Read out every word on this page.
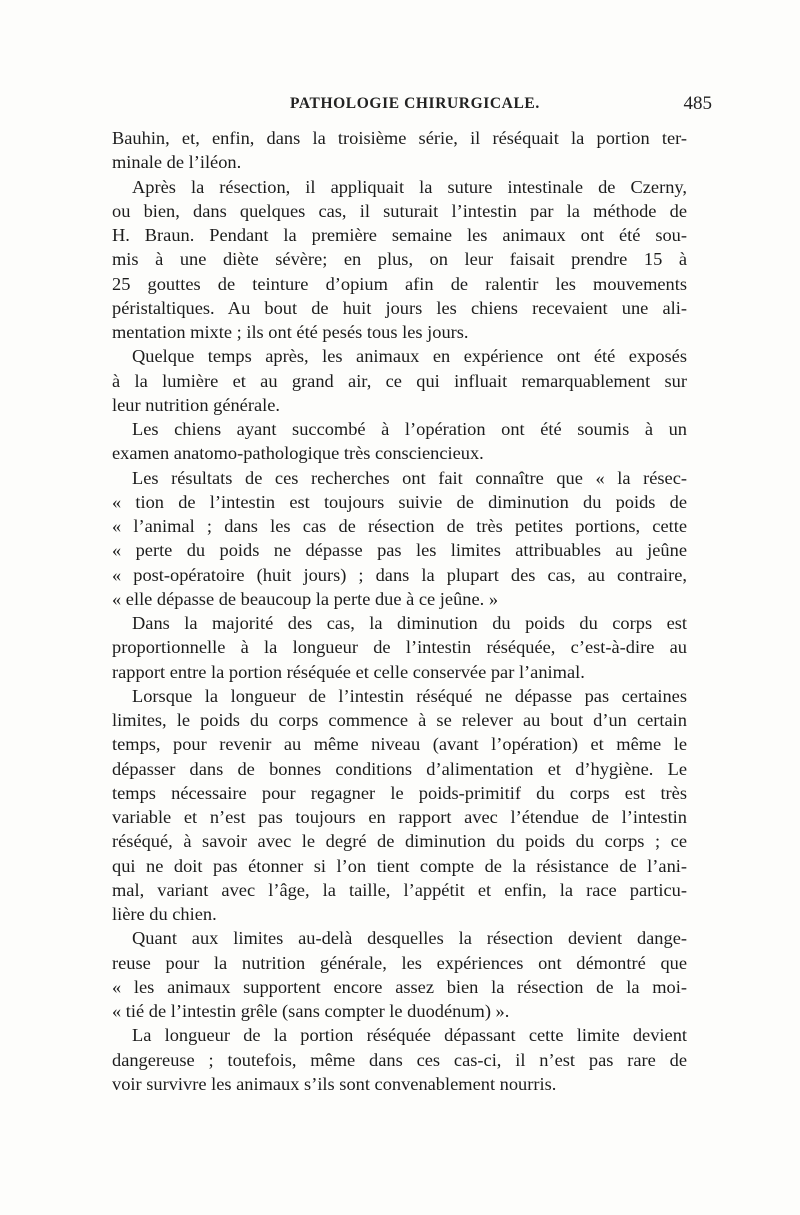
PATHOLOGIE CHIRURGICALE.	485

Bauhin, et, enfin, dans la troisième série, il réséquait la portion ter-
minale de l’iléon.

Après la résection, il appliquait la suture intestinale de Czerny,
ou bien, dans quelques cas, il suturait l’intestin par la méthode de
H. Braun. Pendant la première semaine les animaux ont été sou-
mis à une diète sévère; en plus, on leur faisait prendre 15 à
25 gouttes de teinture d’opium afin de ralentir les mouvements
péristaltiques. Au bout de huit jours les chiens recevaient une ali-
mentation mixte ; ils ont été pesés tous les jours.

Quelque temps après, les animaux en expérience ont été exposés
à la lumière et au grand air, ce qui influait remarquablement sur
leur nutrition générale.

Les chiens ayant succombé à l’opération ont été soumis à un
examen anatomo-pathologique très consciencieux.

Les résultats de ces recherches ont fait connaître que « la résec-
« tion de l’intestin est toujours suivie de diminution du poids de
« l’animal ; dans les cas de résection de très petites portions, cette
« perte du poids ne dépasse pas les limites attribuables au jeûne
« post-opératoire (huit jours) ; dans la plupart des cas, au contraire,
« elle dépasse de beaucoup la perte due à ce jeûne. »

Dans la majorité des cas, la diminution du poids du corps est
proportionnelle à la longueur de l’intestin réséquée, c’est-à-dire au
rapport entre la portion réséquée et celle conservée par l’animal.

Lorsque la longueur de l’intestin réséqué ne dépasse pas certaines
limites, le poids du corps commence à se relever au bout d’un certain
temps, pour revenir au même niveau (avant l’opération) et même le
dépasser dans de bonnes conditions d’alimentation et d’hygiène. Le
temps nécessaire pour regagner le poids-primitif du corps est très
variable et n’est pas toujours en rapport avec l’étendue de l’intestin
réséqué, à savoir avec le degré de diminution du poids du corps ; ce
qui ne doit pas étonner si l’on tient compte de la résistance de l’ani-
mal, variant avec l’âge, la taille, l’appétit et enfin, la race particu-
lière du chien.

Quant aux limites au-delà desquelles la résection devient dange-
reuse pour la nutrition générale, les expériences ont démontré que
« les animaux supportent encore assez bien la résection de la moi-
« tié de l’intestin grêle (sans compter le duodénum) ».

La longueur de la portion réséquée dépassant cette limite devient
dangereuse ; toutefois, même dans ces cas-ci, il n’est pas rare de
voir survivre les animaux s’ils sont convenablement nourris.
